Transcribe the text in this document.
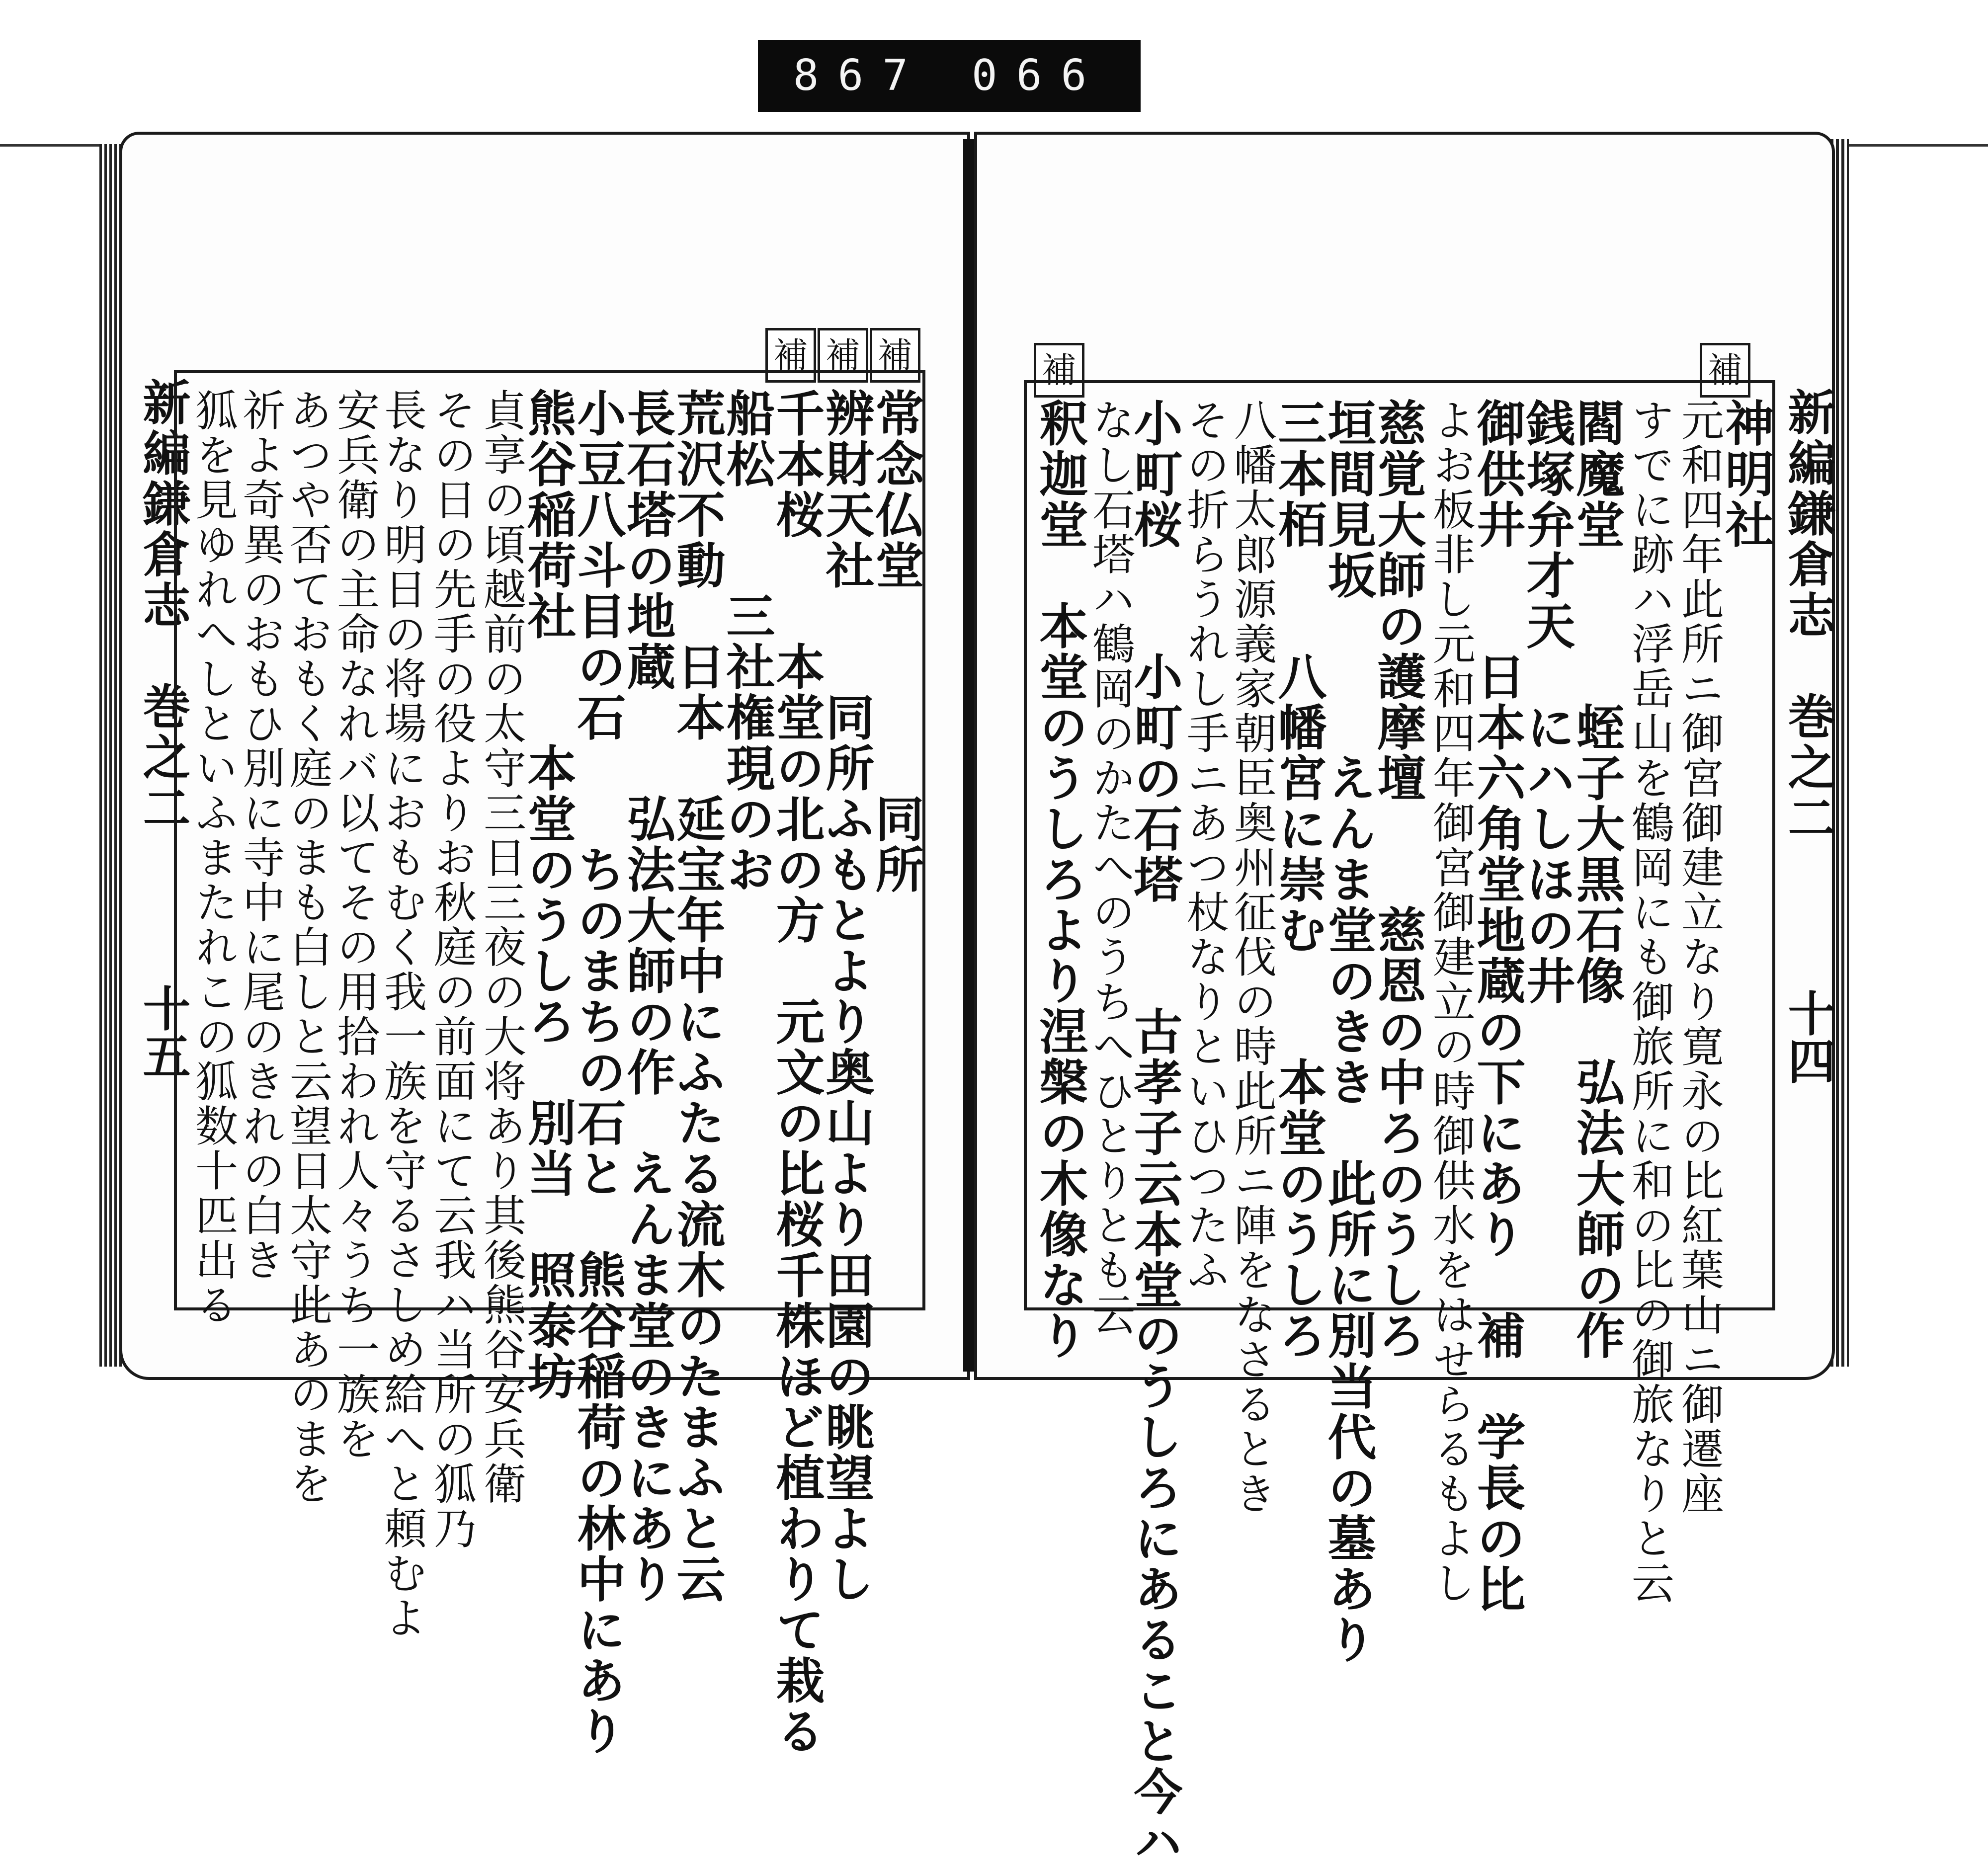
867 066
新編鎌倉志　巻之二
十五
新編鎌倉志　巻之二
十四
補 補 補	補	補
常念仏堂　　　　同所
辨財天社　　同所ふもとより奥山より田園の眺望よし
千本桜　　本堂の北の方　元文の比桜千株ほど植わりて栽る
船松　　三社権現のお
荒沢不動　日本　延宝年中にふたる流木のたまふと云
長石塔の地蔵　　弘法大師の作　えんま堂のきにあり
小豆八斗目の石　　ちのまちの石と　熊谷稲荷の林中にあり
熊谷稲荷社　　本堂のうしろ　別当　照泰坊
貞享の頃越前の太守三日三夜の大将あり其後熊谷安兵衛
その日の先手の役よりお秋庭の前面にて云我ハ当所の狐乃
長なり明日の将場におもむく我一族を守るさしめ給へと頼むよ
安兵衛の主命なれバ以てその用拾われ人々うち一族を
あつや否ておもく庭のまも白しと云望日太守此あのまを
祈よ奇異のおもひ別に寺中に尾のきれの白き
狐を見ゆれへしといふまたれこの狐数十匹出る	神明社
元和四年此所ニ御宮御建立なり寛永の比紅葉山ニ御遷座
すでに跡ハ浮岳山を鶴岡にも御旅所に和の比の御旅なりと云
閻魔堂　　　蛭子大黒石像　弘法大師の作
銭塚弁才天　にハしほの井
御供井　　日本六角堂地蔵の下にあり　補　学長の比
よお板非し元和四年御宮御建立の時御供水をはせらるもよし
慈覚大師の護摩壇　　慈恩の中ろのうしろ
垣間見坂　　　えんま堂のきき　此所に別当代の墓あり
三本栢　　八幡宮に崇む　　本堂のうしろ
八幡太郎源義家朝臣奥州征伐の時此所ニ陣をなさるとき
その折らうれし手ニあつ杖なりといひつたふ
小町桜　　小町の石塔　　古孝子云本堂のうしろにあること今ハ
なし石塔ハ鶴岡のかたへのうちへひとりとも云
釈迦堂　本堂のうしろより涅槃の木像なり
